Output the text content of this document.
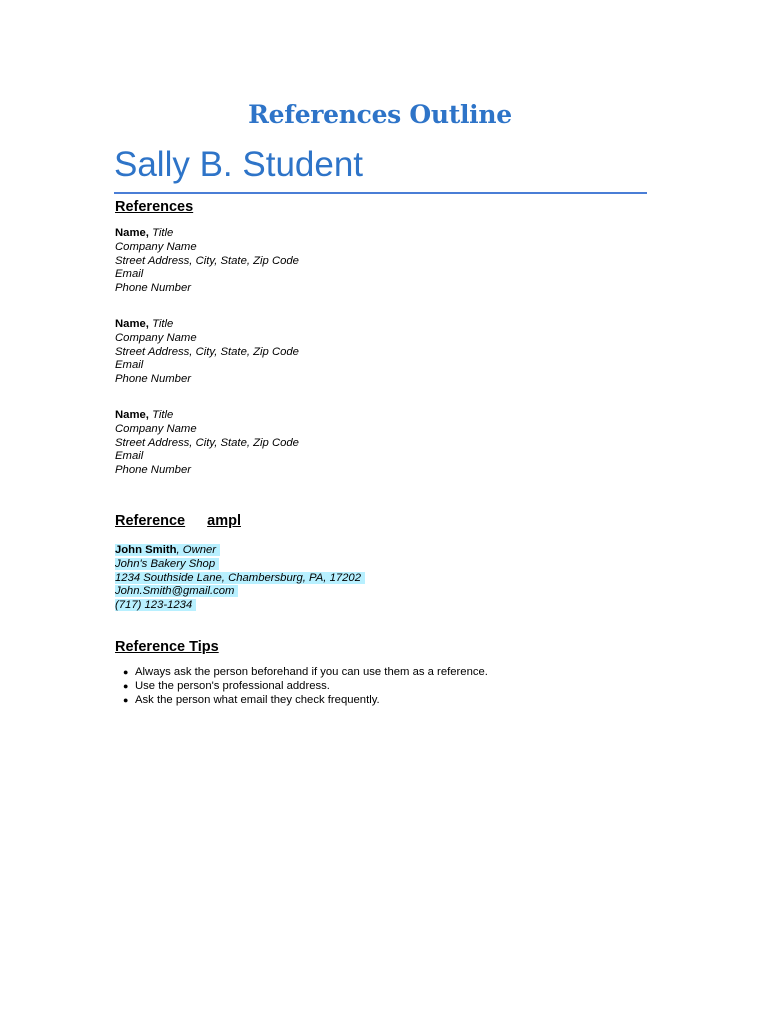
References Outline
Sally B. Student
References
Name, Title
Company Name
Street Address, City, State, Zip Code
Email
Phone Number
Name, Title
Company Name
Street Address, City, State, Zip Code
Email
Phone Number
Name, Title
Company Name
Street Address, City, State, Zip Code
Email
Phone Number
Reference ampl
John Smith, Owner
John's Bakery Shop
1234 Southside Lane, Chambersburg, PA, 17202
John.Smith@gmail.com
(717) 123-1234
Reference Tips
● Always ask the person beforehand if you can use them as a reference.
● Use the person's professional address.
● Ask the person what email they check frequently.
